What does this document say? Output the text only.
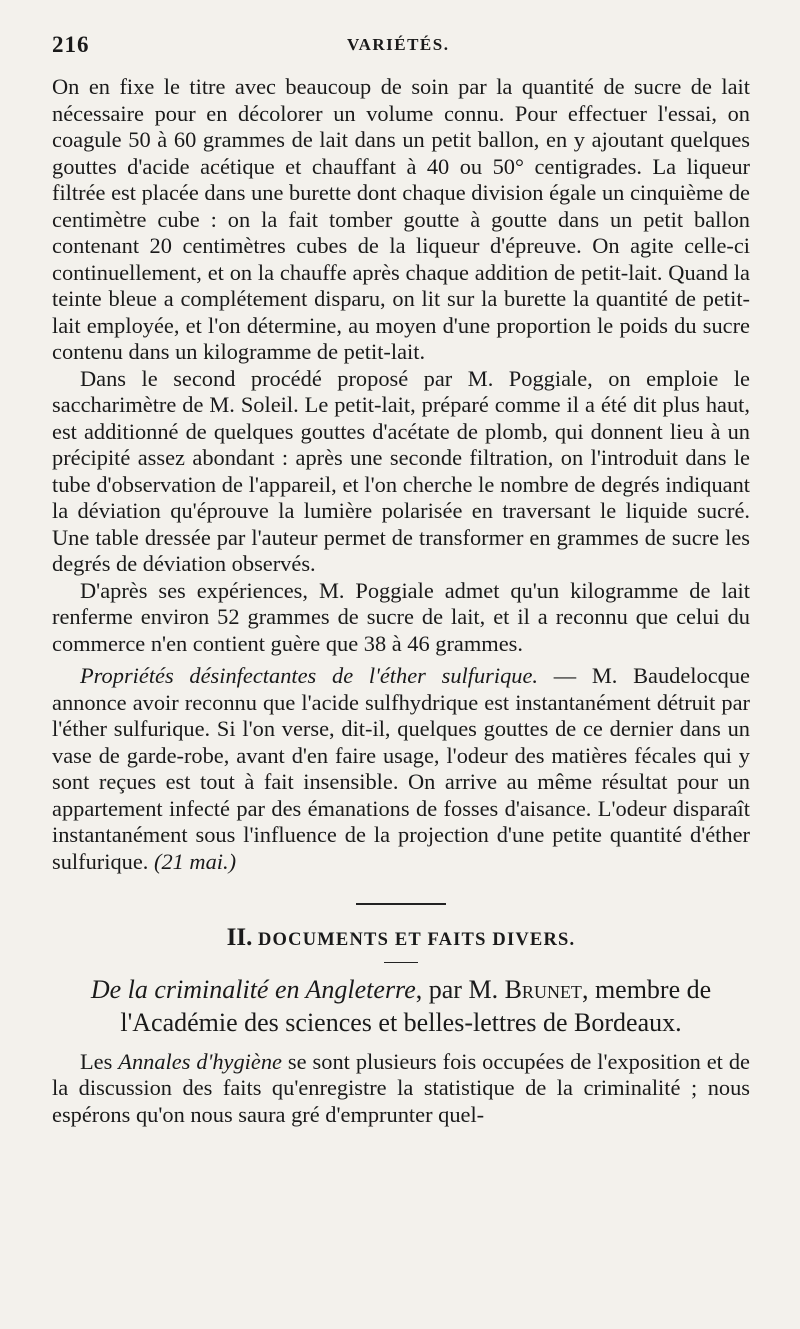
216	VARIÉTÉS.

On en fixe le titre avec beaucoup de soin par la quantité de sucre de lait nécessaire pour en décolorer un volume connu. Pour effectuer l'essai, on coagule 50 à 60 grammes de lait dans un petit ballon, en y ajoutant quelques gouttes d'acide acétique et chauffant à 40 ou 50° centigrades. La liqueur filtrée est placée dans une burette dont chaque division égale un cinquième de centimètre cube : on la fait tomber goutte à goutte dans un petit ballon contenant 20 centimètres cubes de la liqueur d'épreuve. On agite celle-ci continuellement, et on la chauffe après chaque addition de petit-lait. Quand la teinte bleue a complétement disparu, on lit sur la burette la quantité de petit-lait employée, et l'on détermine, au moyen d'une proportion le poids du sucre contenu dans un kilogramme de petit-lait.

Dans le second procédé proposé par M. Poggiale, on emploie le saccharimètre de M. Soleil. Le petit-lait, préparé comme il a été dit plus haut, est additionné de quelques gouttes d'acétate de plomb, qui donnent lieu à un précipité assez abondant : après une seconde filtration, on l'introduit dans le tube d'observation de l'appareil, et l'on cherche le nombre de degrés indiquant la déviation qu'éprouve la lumière polarisée en traversant le liquide sucré. Une table dressée par l'auteur permet de transformer en grammes de sucre les degrés de déviation observés.

D'après ses expériences, M. Poggiale admet qu'un kilogramme de lait renferme environ 52 grammes de sucre de lait, et il a reconnu que celui du commerce n'en contient guère que 38 à 46 grammes.

Propriétés désinfectantes de l'éther sulfurique. — M. Baudelocque annonce avoir reconnu que l'acide sulfhydrique est instantanément détruit par l'éther sulfurique. Si l'on verse, dit-il, quelques gouttes de ce dernier dans un vase de garde-robe, avant d'en faire usage, l'odeur des matières fécales qui y sont reçues est tout à fait insensible. On arrive au même résultat pour un appartement infecté par des émanations de fosses d'aisance. L'odeur disparaît instantanément sous l'influence de la projection d'une petite quantité d'éther sulfurique. (21 mai.)

II. DOCUMENTS ET FAITS DIVERS.

De la criminalité en Angleterre, par M. Brunet, membre de l'Académie des sciences et belles-lettres de Bordeaux.

Les Annales d'hygiène se sont plusieurs fois occupées de l'exposition et de la discussion des faits qu'enregistre la statistique de la criminalité ; nous espérons qu'on nous saura gré d'emprunter quel-
